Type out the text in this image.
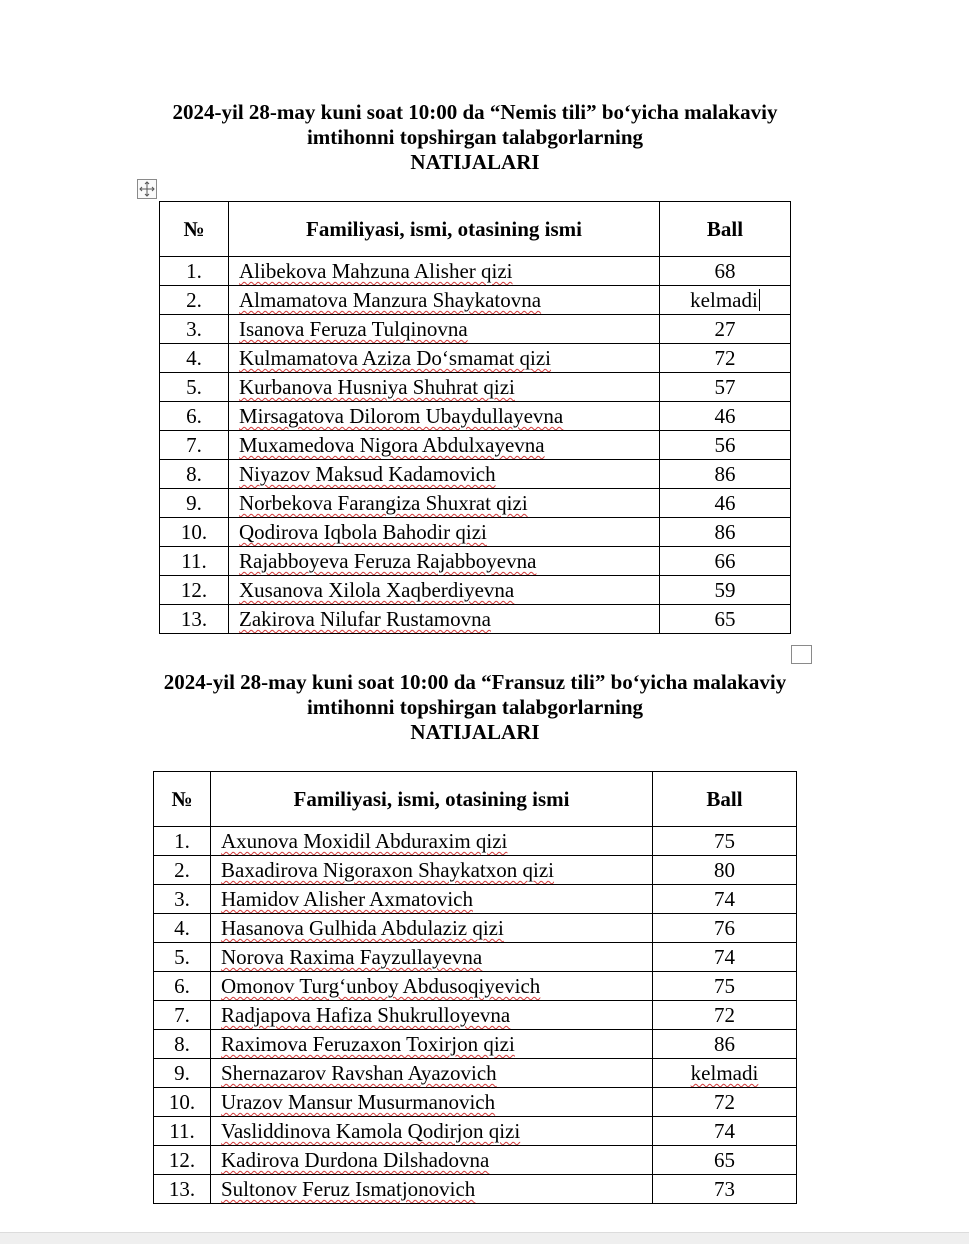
2024-yil 28-may kuni soat 10:00 da “Nemis tili” bo‘yicha malakaviy
imtihonni topshirgan talabgorlarning
NATIJALARI
№	Familiyasi, ismi, otasining ismi	Ball
1.	Alibekova Mahzuna Alisher qizi	68
2.	Almamatova Manzura Shaykatovna	kelmadi
3.	Isanova Feruza Tulqinovna	27
4.	Kulmamatova Aziza Do‘smamat qizi	72
5.	Kurbanova Husniya Shuhrat qizi	57
6.	Mirsagatova Dilorom Ubaydullayevna	46
7.	Muxamedova Nigora Abdulxayevna	56
8.	Niyazov Maksud Kadamovich	86
9.	Norbekova Farangiza Shuxrat qizi	46
10.	Qodirova Iqbola Bahodir qizi	86
11.	Rajabboyeva Feruza Rajabboyevna	66
12.	Xusanova Xilola Xaqberdiyevna	59
13.	Zakirova Nilufar Rustamovna	65
2024-yil 28-may kuni soat 10:00 da “Fransuz tili” bo‘yicha malakaviy
imtihonni topshirgan talabgorlarning
NATIJALARI
№	Familiyasi, ismi, otasining ismi	Ball
1.	Axunova Moxidil Abduraxim qizi	75
2.	Baxadirova Nigoraxon Shaykatxon qizi	80
3.	Hamidov Alisher Axmatovich	74
4.	Hasanova Gulhida Abdulaziz qizi	76
5.	Norova Raxima Fayzullayevna	74
6.	Omonov Turg‘unboy Abdusoqiyevich	75
7.	Radjapova Hafiza Shukrulloyevna	72
8.	Raximova Feruzaxon Toxirjon qizi	86
9.	Shernazarov Ravshan Ayazovich	kelmadi
10.	Urazov Mansur Musurmanovich	72
11.	Vasliddinova Kamola Qodirjon qizi	74
12.	Kadirova Durdona Dilshadovna	65
13.	Sultonov Feruz Ismatjonovich	73
